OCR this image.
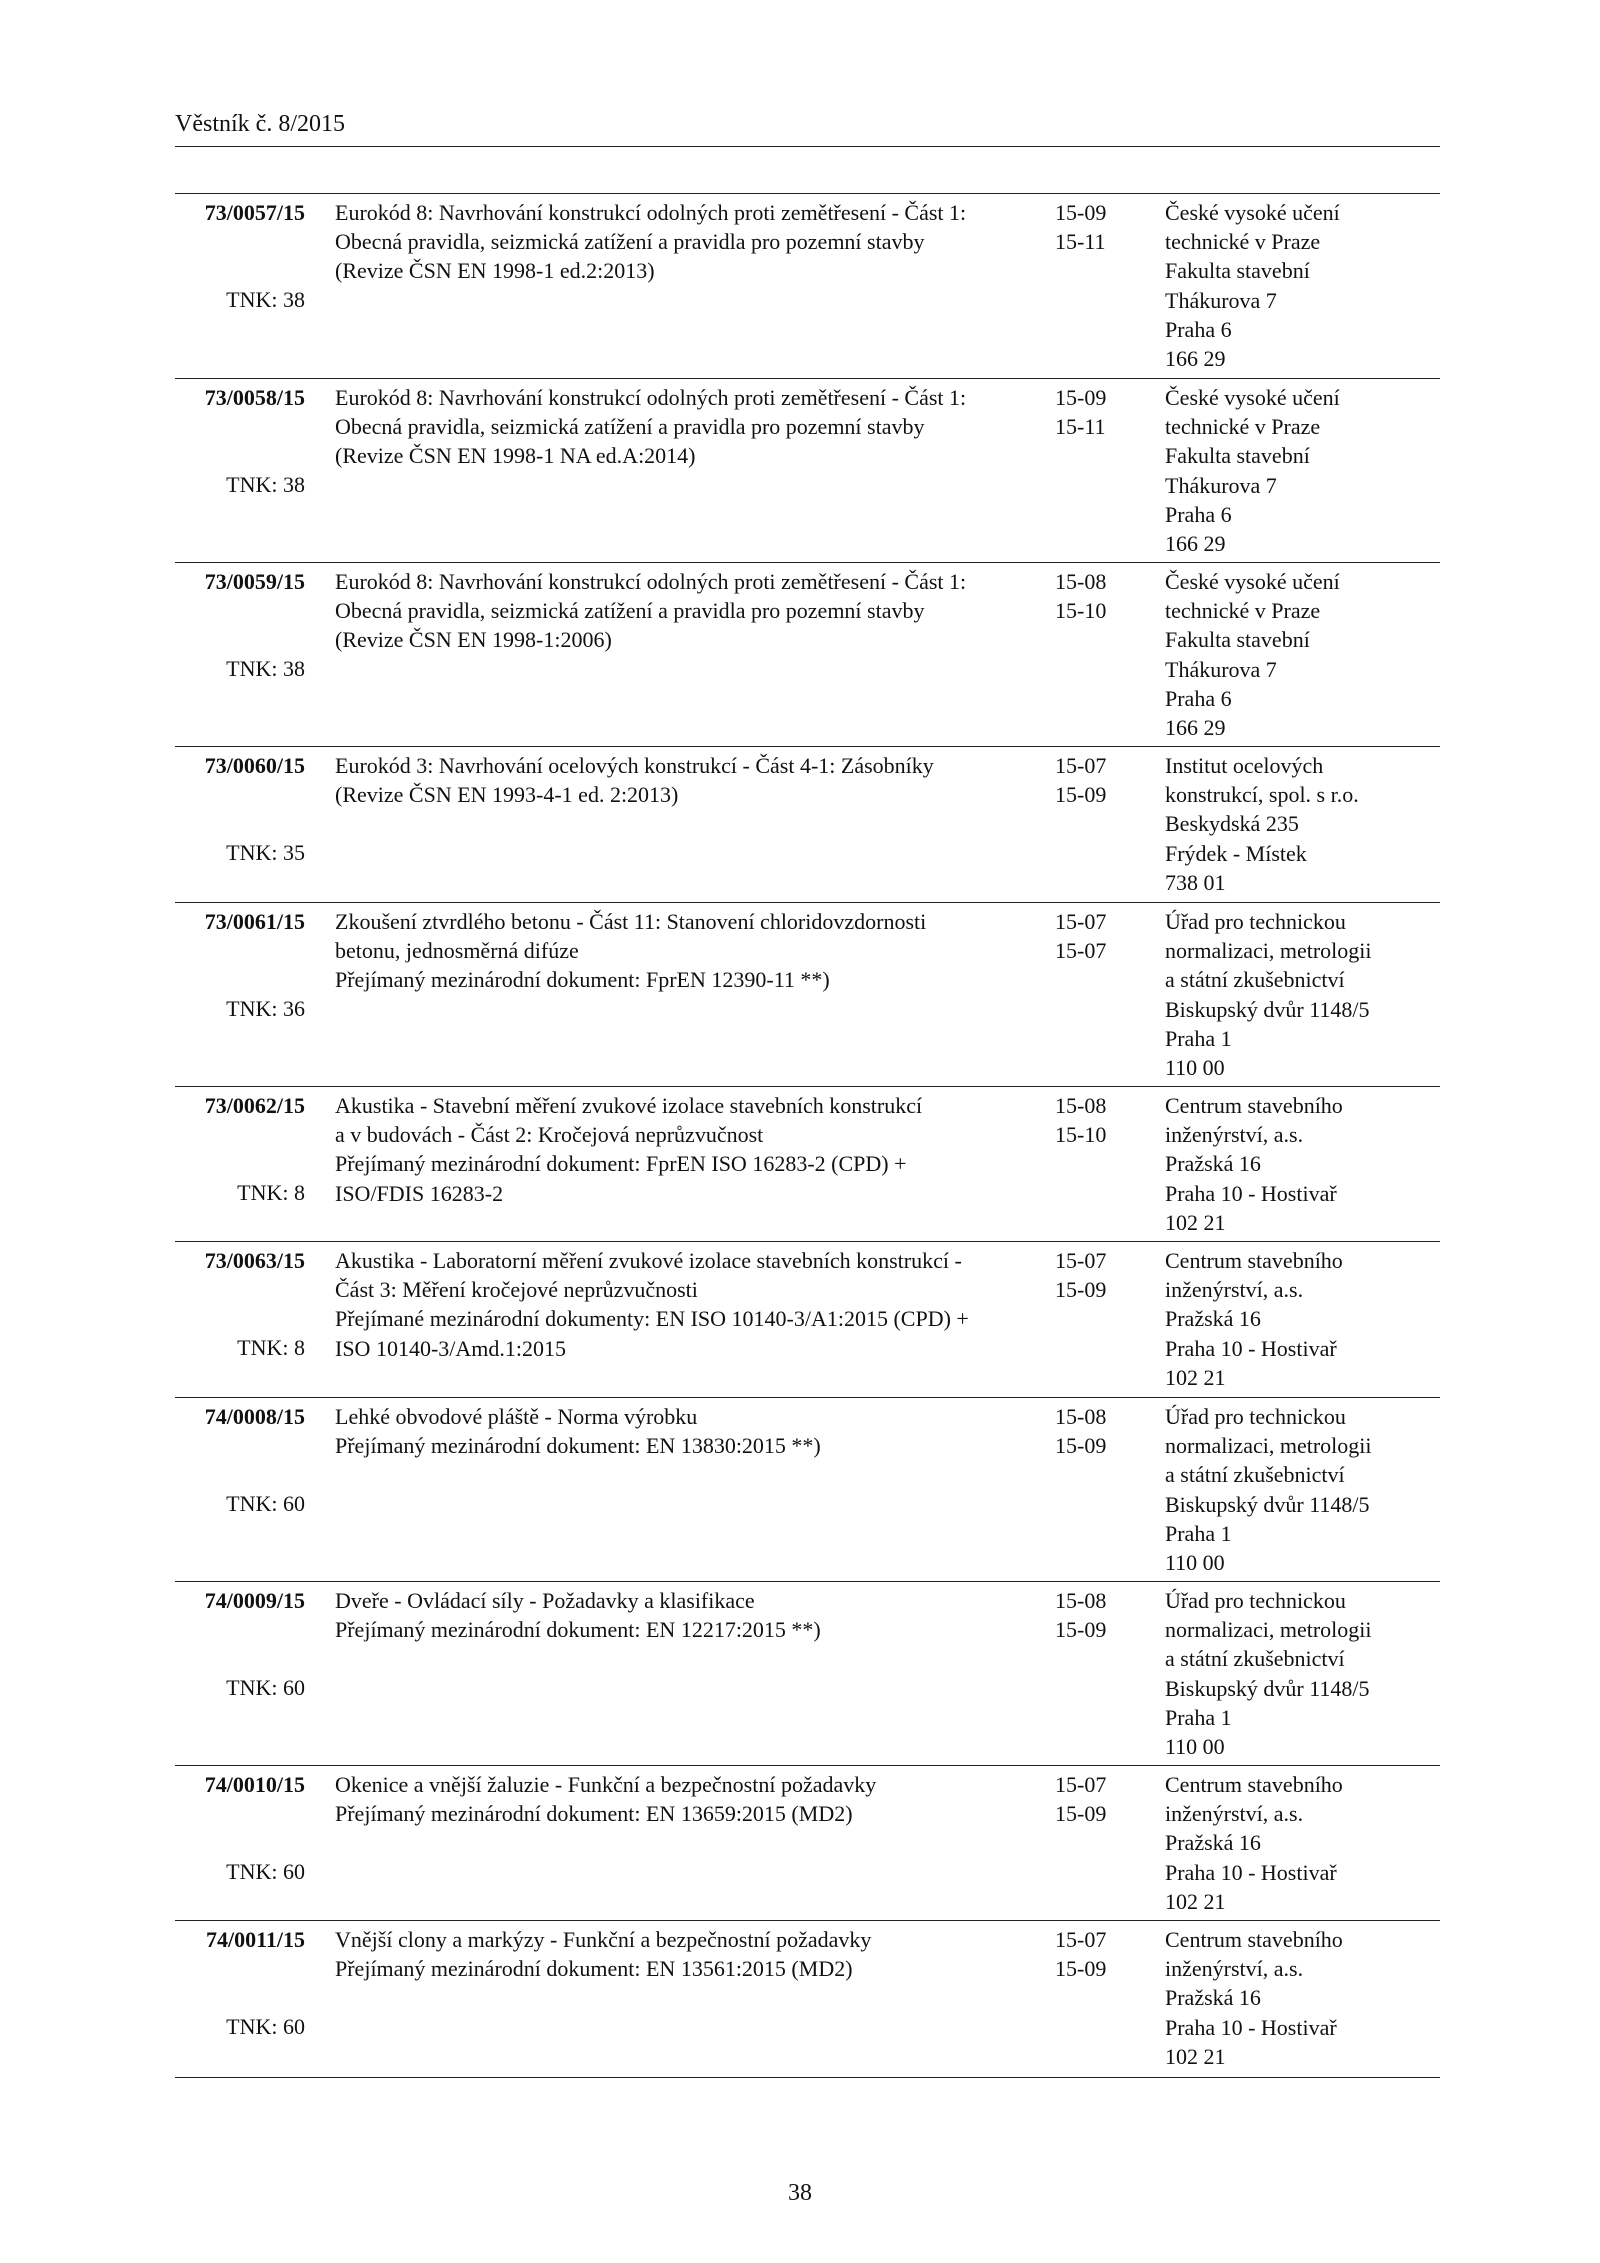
Věstník č. 8/2015
73/0057/15
TNK: 38
Eurokód 8: Navrhování konstrukcí odolných proti zemětřesení - Část 1:
Obecná pravidla, seizmická zatížení a pravidla pro pozemní stavby
(Revize ČSN EN 1998-1 ed.2:2013)
15-09
15-11
České vysoké učení
technické v Praze
Fakulta stavební
Thákurova 7
Praha 6
166 29
73/0058/15
TNK: 38
Eurokód 8: Navrhování konstrukcí odolných proti zemětřesení - Část 1:
Obecná pravidla, seizmická zatížení a pravidla pro pozemní stavby
(Revize ČSN EN 1998-1 NA ed.A:2014)
15-09
15-11
České vysoké učení
technické v Praze
Fakulta stavební
Thákurova 7
Praha 6
166 29
73/0059/15
TNK: 38
Eurokód 8: Navrhování konstrukcí odolných proti zemětřesení - Část 1:
Obecná pravidla, seizmická zatížení a pravidla pro pozemní stavby
(Revize ČSN EN 1998-1:2006)
15-08
15-10
České vysoké učení
technické v Praze
Fakulta stavební
Thákurova 7
Praha 6
166 29
73/0060/15
TNK: 35
Eurokód 3: Navrhování ocelových konstrukcí - Část 4-1: Zásobníky
(Revize ČSN EN 1993-4-1 ed. 2:2013)
15-07
15-09
Institut ocelových
konstrukcí, spol. s r.o.
Beskydská 235
Frýdek - Místek
738 01
73/0061/15
TNK: 36
Zkoušení ztvrdlého betonu - Část 11: Stanovení chloridovzdornosti
betonu, jednosměrná difúze
Přejímaný mezinárodní dokument: FprEN 12390-11 **)
15-07
15-07
Úřad pro technickou
normalizaci, metrologii
a státní zkušebnictví
Biskupský dvůr 1148/5
Praha 1
110 00
73/0062/15
TNK: 8
Akustika - Stavební měření zvukové izolace stavebních konstrukcí
a v budovách - Část 2: Kročejová neprůzvučnost
Přejímaný mezinárodní dokument: FprEN ISO 16283-2 (CPD) +
ISO/FDIS 16283-2
15-08
15-10
Centrum stavebního
inženýrství, a.s.
Pražská 16
Praha 10 - Hostivař
102 21
73/0063/15
TNK: 8
Akustika - Laboratorní měření zvukové izolace stavebních konstrukcí -
Část 3: Měření kročejové neprůzvučnosti
Přejímané mezinárodní dokumenty: EN ISO 10140-3/A1:2015 (CPD) +
ISO 10140-3/Amd.1:2015
15-07
15-09
Centrum stavebního
inženýrství, a.s.
Pražská 16
Praha 10 - Hostivař
102 21
74/0008/15
TNK: 60
Lehké obvodové pláště - Norma výrobku
Přejímaný mezinárodní dokument: EN 13830:2015 **)
15-08
15-09
Úřad pro technickou
normalizaci, metrologii
a státní zkušebnictví
Biskupský dvůr 1148/5
Praha 1
110 00
74/0009/15
TNK: 60
Dveře - Ovládací síly - Požadavky a klasifikace
Přejímaný mezinárodní dokument: EN 12217:2015 **)
15-08
15-09
Úřad pro technickou
normalizaci, metrologii
a státní zkušebnictví
Biskupský dvůr 1148/5
Praha 1
110 00
74/0010/15
TNK: 60
Okenice a vnější žaluzie - Funkční a bezpečnostní požadavky
Přejímaný mezinárodní dokument: EN 13659:2015 (MD2)
15-07
15-09
Centrum stavebního
inženýrství, a.s.
Pražská 16
Praha 10 - Hostivař
102 21
74/0011/15
TNK: 60
Vnější clony a markýzy - Funkční a bezpečnostní požadavky
Přejímaný mezinárodní dokument: EN 13561:2015 (MD2)
15-07
15-09
Centrum stavebního
inženýrství, a.s.
Pražská 16
Praha 10 - Hostivař
102 21
38
